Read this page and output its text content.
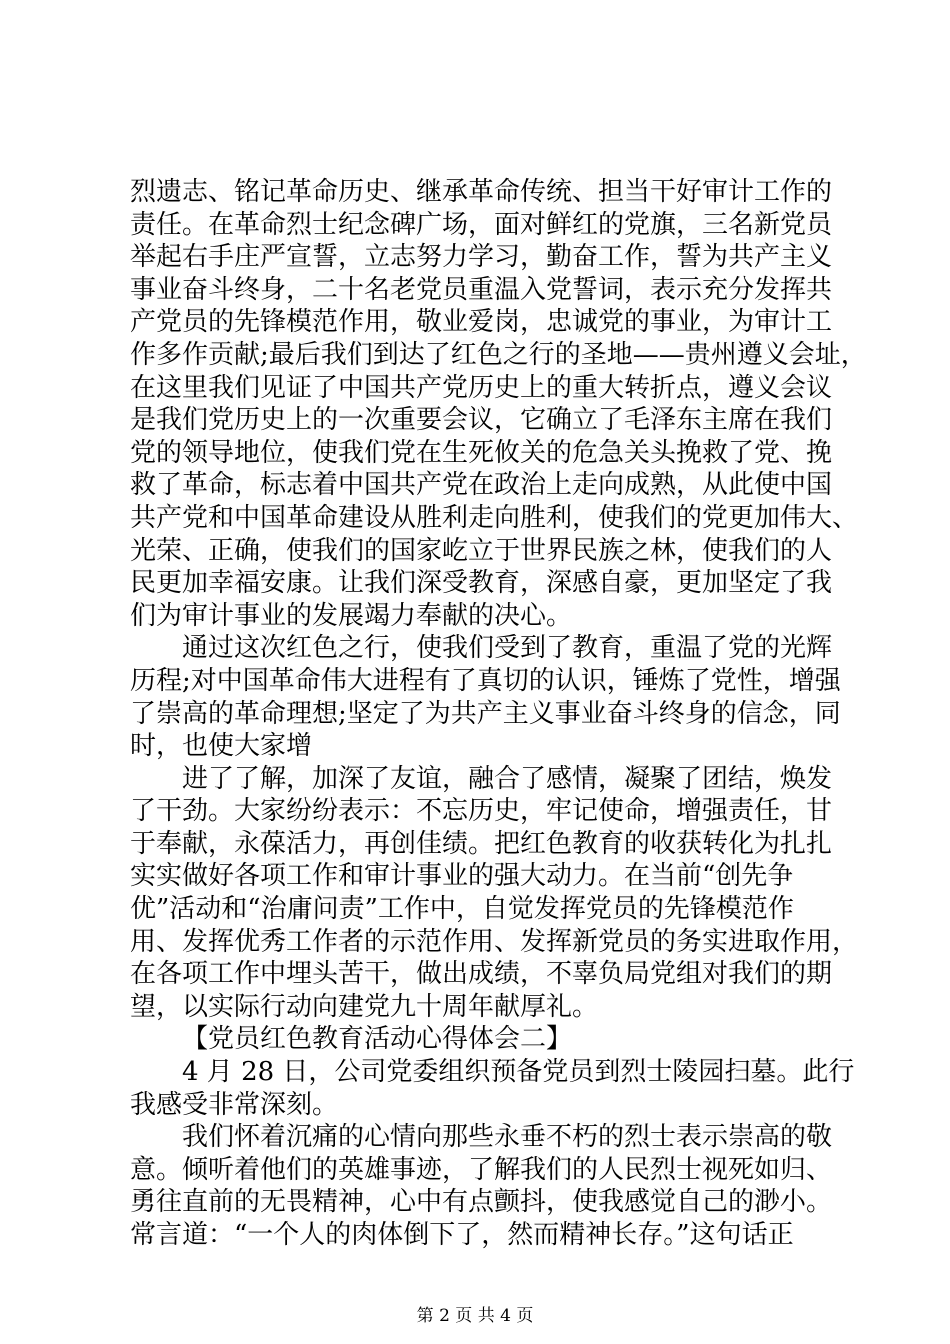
烈遗志、铭记革命历史、继承革命传统、担当干好审计工作的
责任。在革命烈士纪念碑广场，面对鲜红的党旗，三名新党员
举起右手庄严宣誓，立志努力学习，勤奋工作，誓为共产主义
事业奋斗终身，二十名老党员重温入党誓词，表示充分发挥共
产党员的先锋模范作用，敬业爱岗，忠诚党的事业，为审计工
作多作贡献;最后我们到达了红色之行的圣地——贵州遵义会址，
在这里我们见证了中国共产党历史上的重大转折点，遵义会议
是我们党历史上的一次重要会议，它确立了毛泽东主席在我们
党的领导地位，使我们党在生死攸关的危急关头挽救了党、挽
救了革命，标志着中国共产党在政治上走向成熟，从此使中国
共产党和中国革命建设从胜利走向胜利，使我们的党更加伟大、
光荣、正确，使我们的国家屹立于世界民族之林，使我们的人
民更加幸福安康。让我们深受教育，深感自豪，更加坚定了我
们为审计事业的发展竭力奉献的决心。
通过这次红色之行，使我们受到了教育，重温了党的光辉
历程;对中国革命伟大进程有了真切的认识，锤炼了党性，增强
了崇高的革命理想;坚定了为共产主义事业奋斗终身的信念，同
时，也使大家增
进了了解，加深了友谊，融合了感情，凝聚了团结，焕发
了干劲。大家纷纷表示：不忘历史，牢记使命，增强责任，甘
于奉献，永葆活力，再创佳绩。把红色教育的收获转化为扎扎
实实做好各项工作和审计事业的强大动力。在当前“创先争
优”活动和“治庸问责”工作中，自觉发挥党员的先锋模范作
用、发挥优秀工作者的示范作用、发挥新党员的务实进取作用，
在各项工作中埋头苦干，做出成绩，不辜负局党组对我们的期
望，以实际行动向建党九十周年献厚礼。
【党员红色教育活动心得体会二】
4 月 28 日，公司党委组织预备党员到烈士陵园扫墓。此行
我感受非常深刻。
我们怀着沉痛的心情向那些永垂不朽的烈士表示崇高的敬
意。倾听着他们的英雄事迹，了解我们的人民烈士视死如归、
勇往直前的无畏精神，心中有点颤抖，使我感觉自己的渺小。
常言道：“一个人的肉体倒下了，然而精神长存。”这句话正
第 2 页 共 4 页
